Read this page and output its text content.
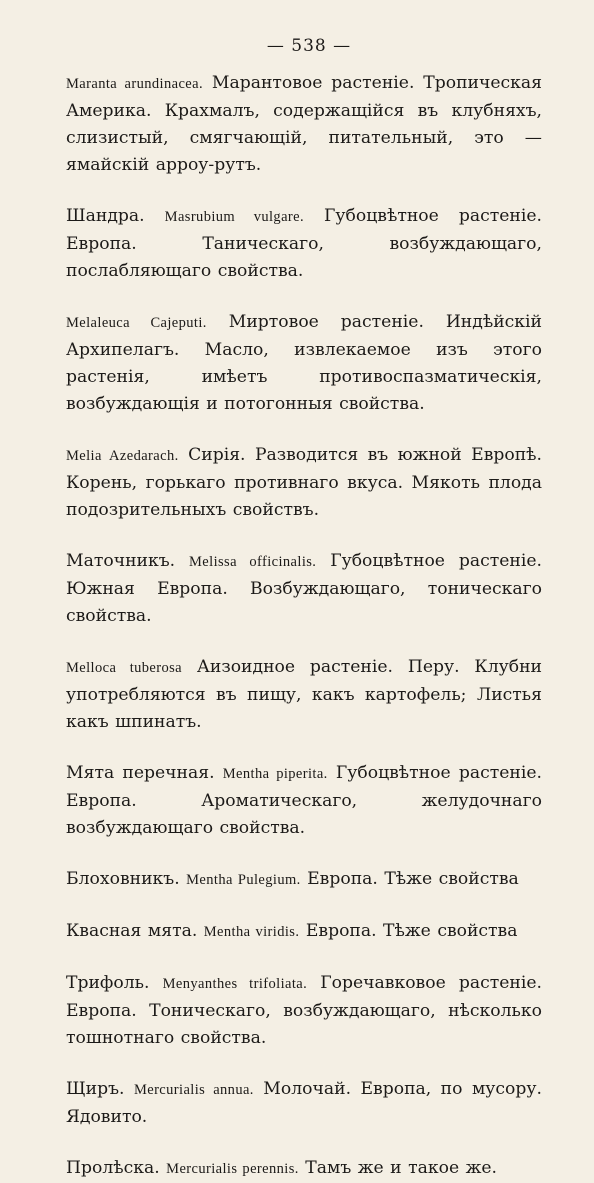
— 538 —

Maranta arundinacea. Марантовое растеніе. Тропическая Америка. Крахмалъ, содержащійся въ клубняхъ, слизистый, смягчающій, питательный, это — ямайскій арроу-рутъ.

Шандра. Masrubium vulgare. Губоцвѣтное растеніе. Европа. Таническаго, возбуждающаго, послабляющаго свойства.

Melaleuca Cajeputi. Миртовое растеніе. Индѣйскій Архипелагъ. Масло, извлекаемое изъ этого растенія, имѣетъ противоспазматическія, возбуждающія и потогонныя свойства.

Melia Azedarach. Сирія. Разводится въ южной Европѣ. Корень, горькаго противнаго вкуса. Мякоть плода подозрительныхъ свойствъ.

Маточникъ. Melissa officinalis. Губоцвѣтное растеніе. Южная Европа. Возбуждающаго, тоническаго свойства.

Melloca tuberosa Аизоидное растеніе. Перу. Клубни употребляются въ пищу, какъ картофель; Листья какъ шпинатъ.

Мята перечная. Mentha piperita. Губоцвѣтное растеніе. Европа. Ароматическаго, желудочнаго возбуждающаго свойства.

Блоховникъ. Mentha Pulegium. Европа. Тѣже свойства

Квасная мята. Mentha viridis. Европа. Тѣже свойства

Трифоль. Menyanthes trifoliata. Горечавковое растеніе. Европа. Тоническаго, возбуждающаго, нѣсколько тошнотнаго свойства.

Щиръ. Mercurialis annua. Молочай. Европа, по мусору. Ядовито.

Пролѣска. Mercurialis perennis. Тамъ же и такое же.
